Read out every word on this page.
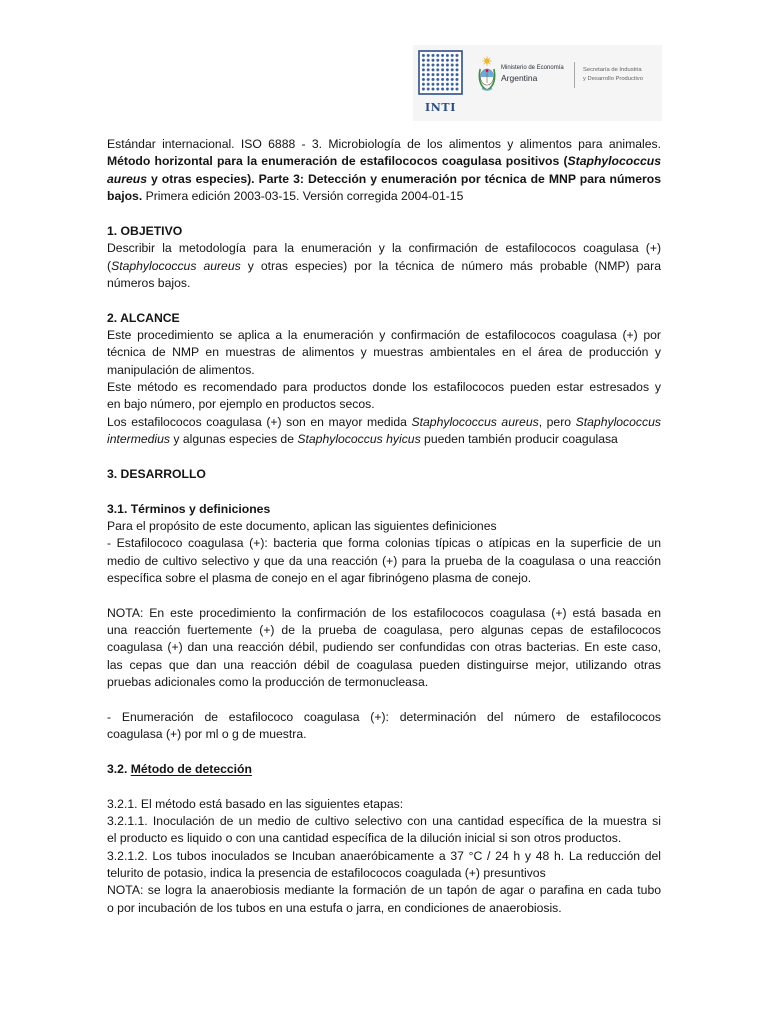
INTI
Ministerio de Economía
Argentina
Secretaría de Industria
y Desarrollo Productivo
Estándar internacional. ISO 6888 - 3. Microbiología de los alimentos y alimentos para animales.
Método horizontal para la enumeración de estafilococos coagulasa positivos (Staphylococcus
aureus y otras especies). Parte 3: Detección y enumeración por técnica de MNP para números
bajos. Primera edición 2003-03-15. Versión corregida 2004-01-15
1. OBJETIVO
Describir la metodología para la enumeración y la confirmación de estafilococos coagulasa (+)
(Staphylococcus aureus y otras especies) por la técnica de número más probable (NMP) para
números bajos.
2. ALCANCE
Este procedimiento se aplica a la enumeración y confirmación de estafilococos coagulasa (+) por
técnica de NMP en muestras de alimentos y muestras ambientales en el área de producción y
manipulación de alimentos.
Este método es recomendado para productos donde los estafilococos pueden estar estresados y
en bajo número, por ejemplo en productos secos.
Los estafilococos coagulasa (+) son en mayor medida Staphylococcus aureus, pero Staphylococcus
intermedius y algunas especies de Staphylococcus hyicus pueden también producir coagulasa
3. DESARROLLO
3.1. Términos y definiciones
Para el propósito de este documento, aplican las siguientes definiciones
- Estafilococo coagulasa (+): bacteria que forma colonias típicas o atípicas en la superficie de un
medio de cultivo selectivo y que da una reacción (+) para la prueba de la coagulasa o una reacción
específica sobre el plasma de conejo en el agar fibrinógeno plasma de conejo.
NOTA: En este procedimiento la confirmación de los estafilococos coagulasa (+) está basada en
una reacción fuertemente (+) de la prueba de coagulasa, pero algunas cepas de estafilococos
coagulasa (+) dan una reacción débil, pudiendo ser confundidas con otras bacterias. En este caso,
las cepas que dan una reacción débil de coagulasa pueden distinguirse mejor, utilizando otras
pruebas adicionales como la producción de termonucleasa.
- Enumeración de estafilococo coagulasa (+): determinación del número de estafilococos
coagulasa (+) por ml o g de muestra.
3.2. Método de detección
3.2.1. El método está basado en las siguientes etapas:
3.2.1.1. Inoculación de un medio de cultivo selectivo con una cantidad específica de la muestra si
el producto es liquido o con una cantidad específica de la dilución inicial si son otros productos.
3.2.1.2. Los tubos inoculados se Incuban anaeróbicamente a 37 °C / 24 h y 48 h. La reducción del
telurito de potasio, indica la presencia de estafilococos coagulada (+) presuntivos
NOTA: se logra la anaerobiosis mediante la formación de un tapón de agar o parafina en cada tubo
o por incubación de los tubos en una estufa o jarra, en condiciones de anaerobiosis.
